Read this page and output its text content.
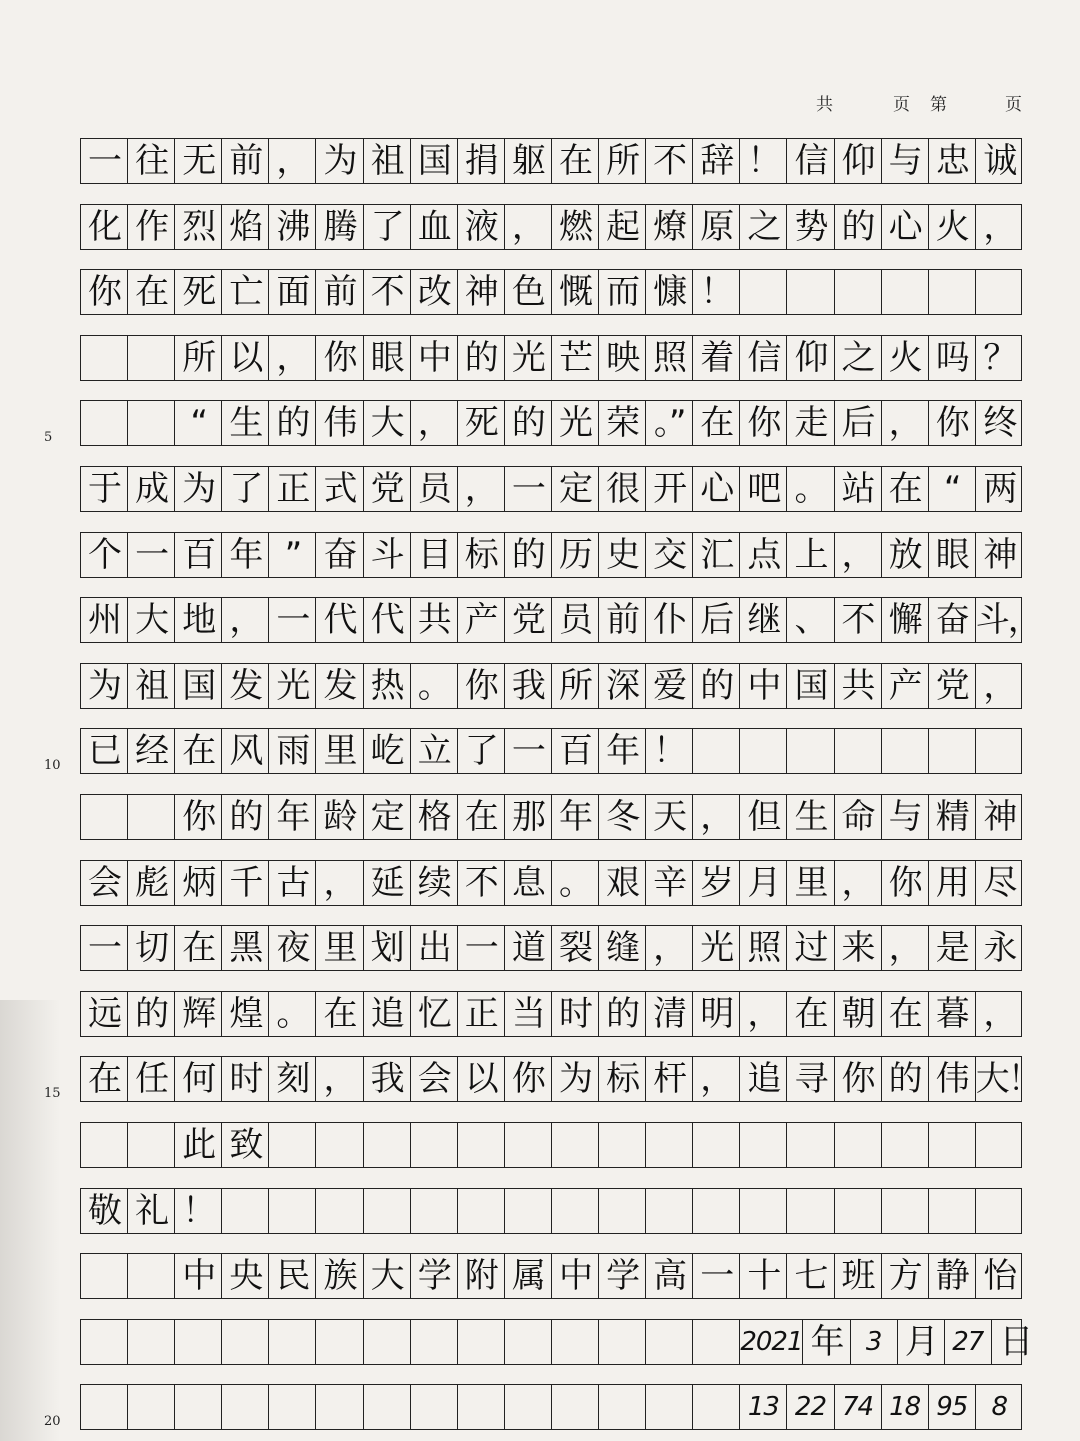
共	页 第	页
一 往 无 前 ， 为 祖 国 捐 躯 在 所 不 辞 ！ 信 仰 与 忠 诚
化 作 烈 焰 沸 腾 了 血 液 ， 燃 起 燎 原 之 势 的 心 火 ，
你 在 死 亡 面 前 不 改 神 色 慨 而 慷 ！
所 以 ， 你 眼 中 的 光 芒 映 照 着 信 仰 之 火 吗 ？
“ 生 的 伟 大 ， 死 的 光 荣 。” 在 你 走 后 ， 你 终
于 成 为 了 正 式 党 员 ， 一 定 很 开 心 吧 。 站 在 “ 两
个 一 百 年 ” 奋 斗 目 标 的 历 史 交 汇 点 上 ， 放 眼 神
州 大 地 ， 一 代 代 共 产 党 员 前 仆 后 继 、 不 懈 奋 斗，
为 祖 国 发 光 发 热 。 你 我 所 深 爱 的 中 国 共 产 党 ，
已 经 在 风 雨 里 屹 立 了 一 百 年 ！
你 的 年 龄 定 格 在 那 年 冬 天 ， 但 生 命 与 精 神
会 彪 炳 千 古 ， 延 续 不 息 。 艰 辛 岁 月 里 ， 你 用 尽
一 切 在 黑 夜 里 划 出 一 道 裂 缝 ， 光 照 过 来 ， 是 永
远 的 辉 煌 。 在 追 忆 正 当 时 的 清 明 ， 在 朝 在 暮 ，
在 任 何 时 刻 ， 我 会 以 你 为 标 杆 ， 追 寻 你 的 伟 大！
此 致
敬 礼 ！
中 央 民 族 大 学 附 属 中 学 高 一 十 七 班 方 静 怡
2021 年 3 月 27 日
13 22 74 18 95 8
5
10
15
20
